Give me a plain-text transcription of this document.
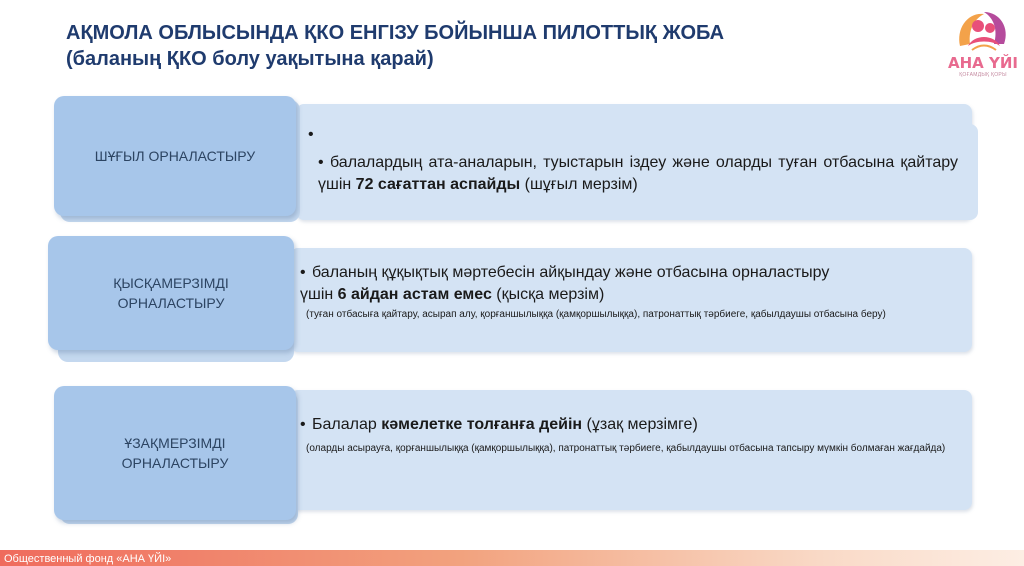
АҚМОЛА ОБЛЫСЫНДА ҚКО ЕНГІЗУ БОЙЫНША ПИЛОТТЫҚ ЖОБА
(баланың ҚКО болу уақытына қарай)	АНА ҮЙІ
ҚОҒАМДЫҚ ҚОРЫ
•
• балалардың ата-аналарын, туыстарын іздеу және оларды туған отбасына қайтару үшін 72 сағаттан аспайды (шұғыл мерзім)
ШҰҒЫЛ ОРНАЛАСТЫРУ
• баланың құқықтық мәртебесін айқындау және отбасына орналастыру үшін 6 айдан астам емес (қысқа мерзім)
(туған отбасыға қайтару, асырап алу, қорғаншылыққа (қамқоршылыққа), патронаттық тәрбиеге, қабылдаушы отбасына беру)
ҚЫСҚАМЕРЗІМДІ ОРНАЛАСТЫРУ
• Балалар кәмелетке толғанға дейін (ұзақ мерзімге)
(оларды асырауға, қорғаншылыққа (қамқоршылыққа), патронаттық тәрбиеге, қабылдаушы отбасына тапсыру мүмкін болмаған жағдайда)
ҰЗАҚМЕРЗІМДІ ОРНАЛАСТЫРУ
Общественный фонд «АНА ҮЙІ»
